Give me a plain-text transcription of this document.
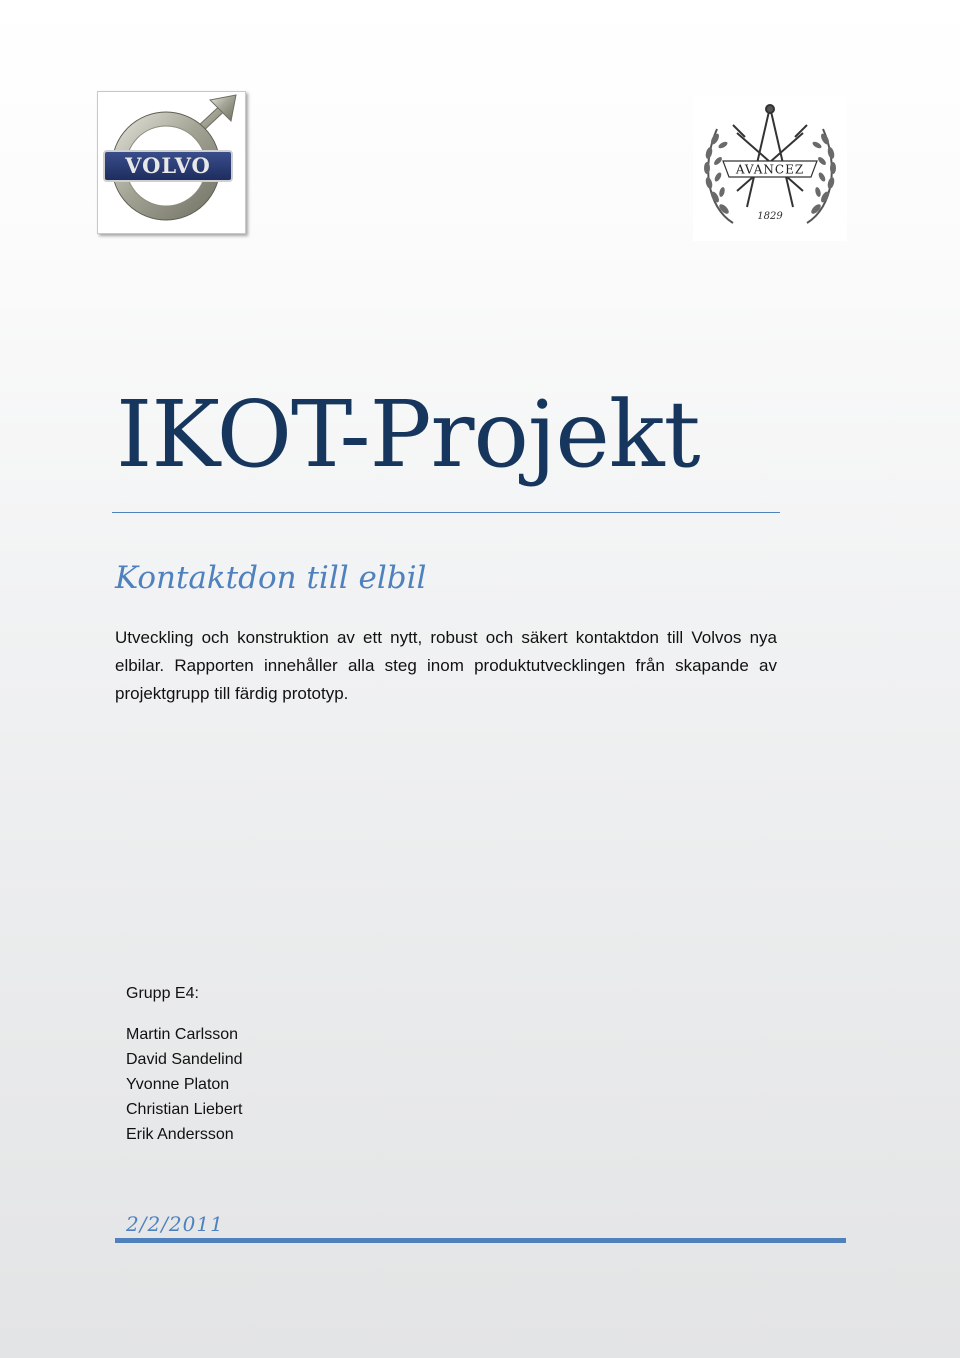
VOLVO	AVANCEZ
1829
IKOT-Projekt
Kontaktdon till elbil

Utveckling och konstruktion av ett nytt, robust och säkert kontaktdon till Volvos nya elbilar. Rapporten innehåller alla steg inom produktutvecklingen från skapande av projektgrupp till färdig prototyp.

Grupp E4:

Martin Carlsson

David Sandelind

Yvonne Platon

Christian Liebert

Erik Andersson

2/2/2011
